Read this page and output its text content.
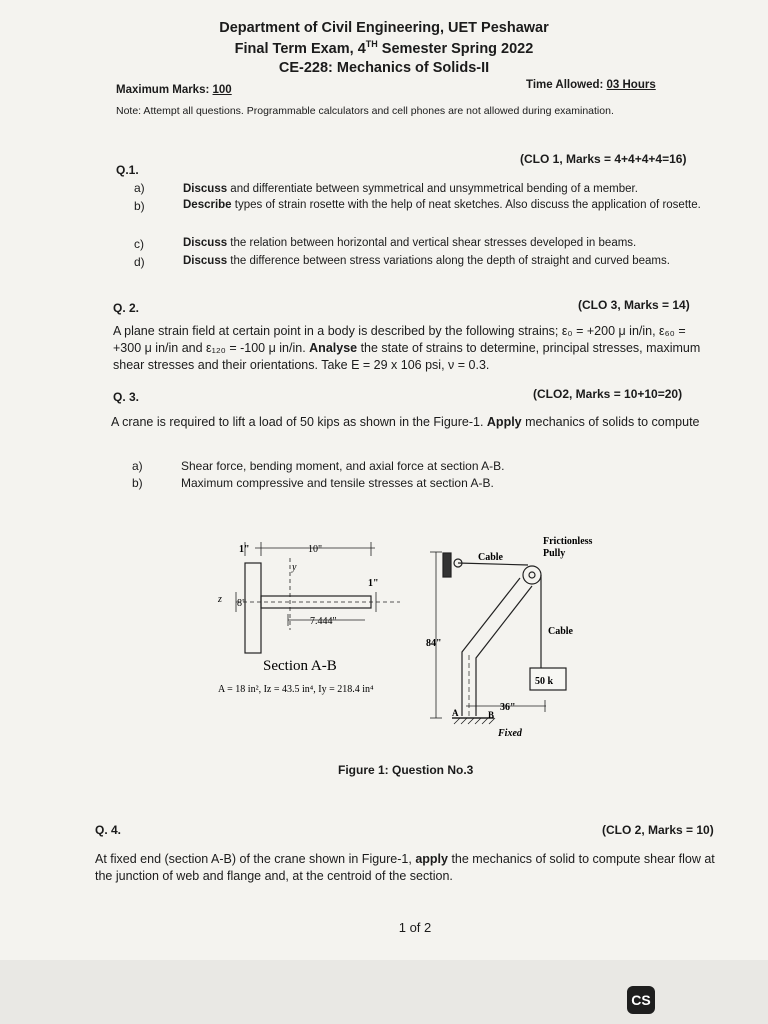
Department of Civil Engineering, UET Peshawar
Final Term Exam, 4TH Semester Spring 2022
CE-228: Mechanics of Solids-II
Maximum Marks: 100	Time Allowed: 03 Hours
Note: Attempt all questions. Programmable calculators and cell phones are not allowed during examination.
Q.1.
(CLO 1, Marks = 4+4+4+4=16)
a)	Discuss and differentiate between symmetrical and unsymmetrical bending of a member.
b)	Describe types of strain rosette with the help of neat sketches. Also discuss the application of rosette.
c)	Discuss the relation between horizontal and vertical shear stresses developed in beams.
d)	Discuss the difference between stress variations along the depth of straight and curved beams.
Q. 2.	(CLO 3, Marks = 14)
A plane strain field at certain point in a body is described by the following strains; ε₀ = +200 μ in/in, ε₆₀ = +300 μ in/in and ε₁₂₀ = -100 μ in/in. Analyse the state of strains to determine, principal stresses, maximum shear stresses and their orientations. Take E = 29 x 106 psi, ν = 0.3.
Q. 3.	(CLO2, Marks = 10+10=20)
A crane is required to lift a load of 50 kips as shown in the Figure-1. Apply mechanics of solids to compute
a)	Shear force, bending moment, and axial force at section A-B.
b)	Maximum compressive and tensile stresses at section A-B.
1"	10"
y
z 8"
1"
7.444"
Section A-B
A = 18 in², Iz = 43.5 in⁴, Iy = 218.4 in⁴
Cable
Frictionless
Pully
Cable
50 k
84"
36"
A	B
Fixed
Figure 1: Question No.3
Q. 4.	(CLO 2, Marks = 10)
At fixed end (section A-B) of the crane shown in Figure-1, apply the mechanics of solid to compute shear flow at the junction of web and flange and, at the centroid of the section.
1 of 2
CS
